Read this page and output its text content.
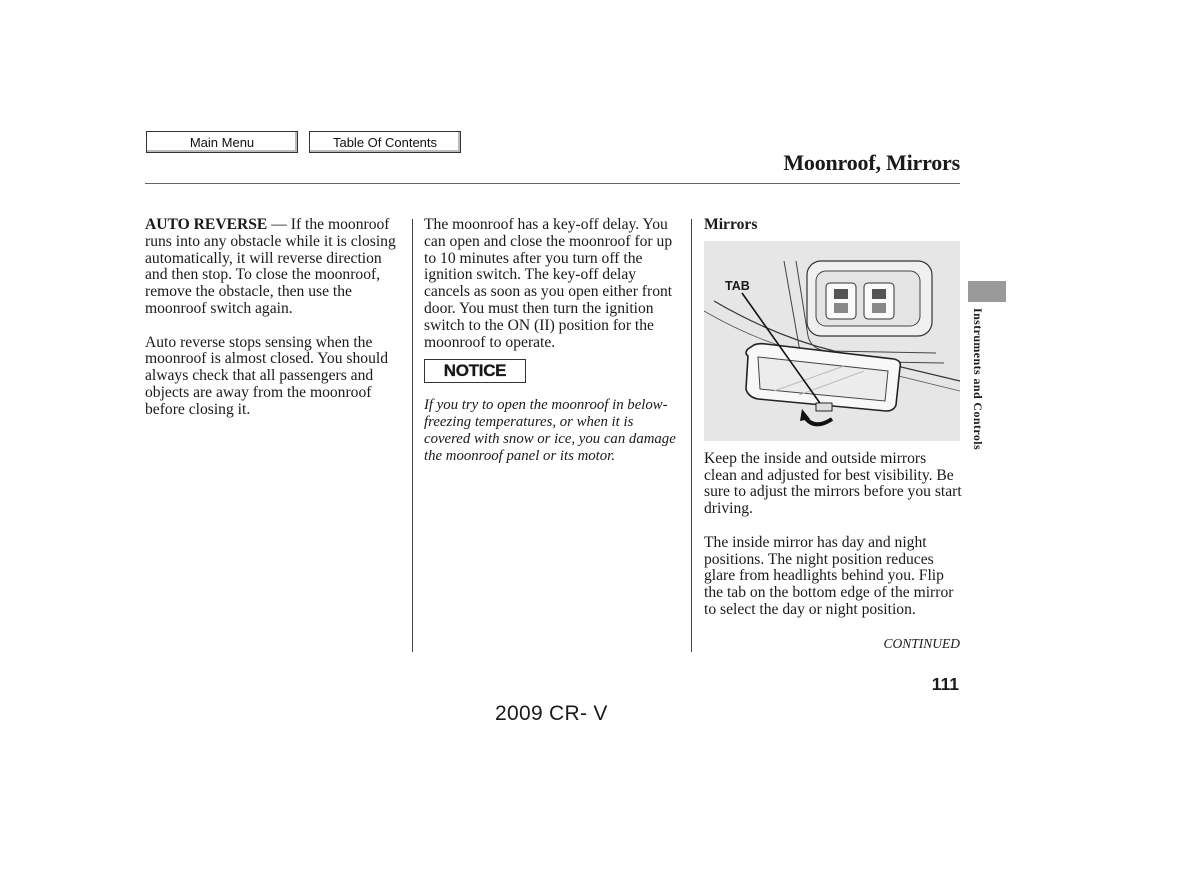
Main Menu	Table Of Contents
Moonroof, Mirrors

AUTO REVERSE — If the moonroof runs into any obstacle while it is closing automatically, it will reverse direction and then stop. To close the moonroof, remove the obstacle, then use the moonroof switch again.

Auto reverse stops sensing when the moonroof is almost closed. You should always check that all passengers and objects are away from the moonroof before closing it.

The moonroof has a key-off delay. You can open and close the moonroof for up to 10 minutes after you turn off the ignition switch. The key-off delay cancels as soon as you open either front door. You must then turn the ignition switch to the ON (II) position for the moonroof to operate.

NOTICE
If you try to open the moonroof in below-freezing temperatures, or when it is covered with snow or ice, you can damage the moonroof panel or its motor.
Mirrors
TAB

Keep the inside and outside mirrors clean and adjusted for best visibility. Be sure to adjust the mirrors before you start driving.

The inside mirror has day and night positions. The night position reduces glare from headlights behind you. Flip the tab on the bottom edge of the mirror to select the day or night position.

CONTINUED
111
2009 CR- V
Instruments and Controls
